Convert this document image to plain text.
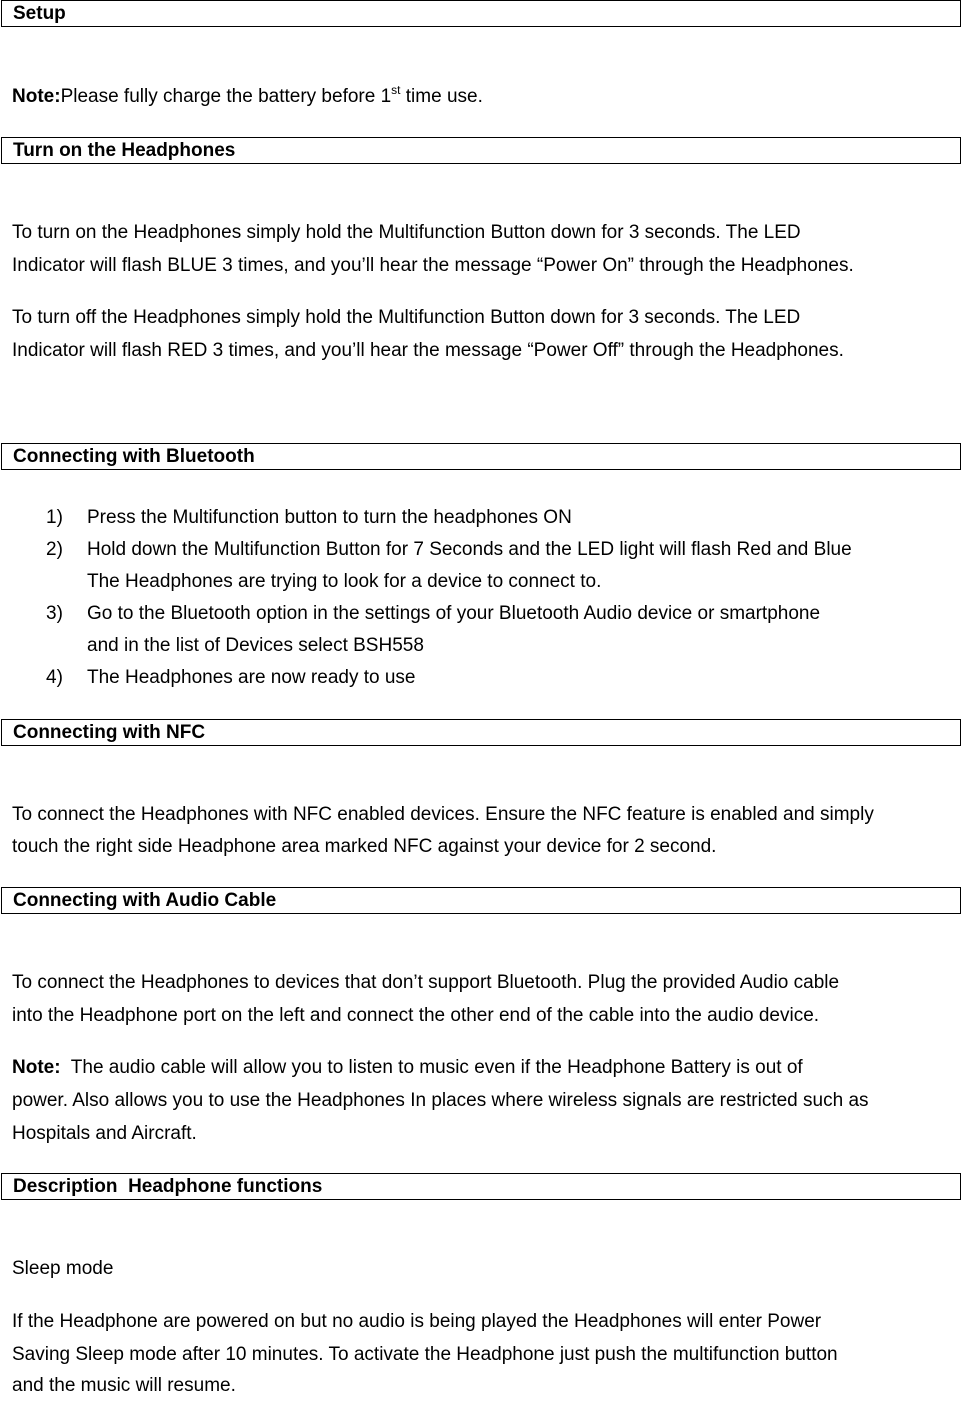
Setup

Note:Please fully charge the battery before 1st time use.

Turn on the Headphones

To turn on the Headphones simply hold the Multifunction Button down for 3 seconds. The LED

Indicator will flash BLUE 3 times, and you’ll hear the message “Power On” through the Headphones.

To turn off the Headphones simply hold the Multifunction Button down for 3 seconds. The LED

Indicator will flash RED 3 times, and you’ll hear the message “Power Off” through the Headphones.

Connecting with Bluetooth
1) Press the Multifunction button to turn the headphones ON
2) Hold down the Multifunction Button for 7 Seconds and the LED light will flash Red and Blue
The Headphones are trying to look for a device to connect to.
3) Go to the Bluetooth option in the settings of your Bluetooth Audio device or smartphone
and in the list of Devices select BSH558
4) The Headphones are now ready to use
Connecting with NFC

To connect the Headphones with NFC enabled devices. Ensure the NFC feature is enabled and simply

touch the right side Headphone area marked NFC against your device for 2 second.

Connecting with Audio Cable

To connect the Headphones to devices that don’t support Bluetooth. Plug the provided Audio cable

into the Headphone port on the left and connect the other end of the cable into the audio device.

Note:  The audio cable will allow you to listen to music even if the Headphone Battery is out of

power. Also allows you to use the Headphones In places where wireless signals are restricted such as

Hospitals and Aircraft.

Description  Headphone functions

Sleep mode

If the Headphone are powered on but no audio is being played the Headphones will enter Power

Saving Sleep mode after 10 minutes. To activate the Headphone just push the multifunction button

and the music will resume.
